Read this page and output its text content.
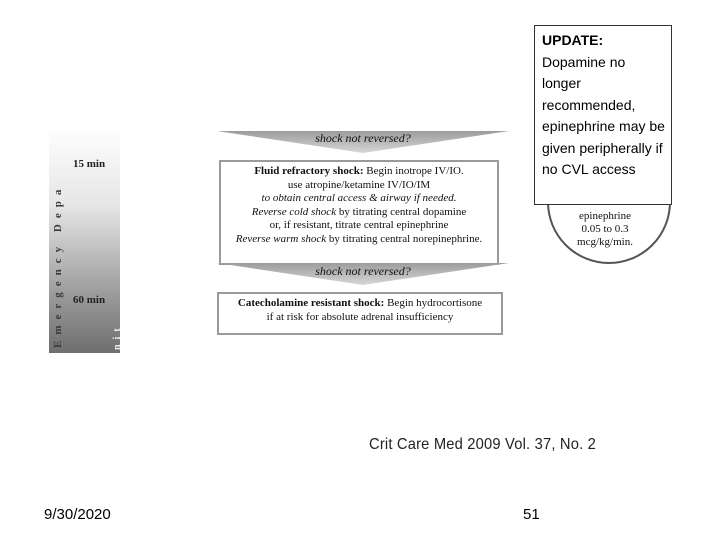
Emergency Depa	nit
15 min
60 min
shock not reversed?
Fluid refractory shock: Begin inotrope IV/IO.
use atropine/ketamine IV/IO/IM
to obtain central access & airway if needed.
Reverse cold shock by titrating central dopamine
or, if resistant, titrate central epinephrine
Reverse warm shock by titrating central norepinephrine.
shock not reversed?
Catecholamine resistant shock: Begin hydrocortisone
if at risk for absolute adrenal insufficiency
epinephrine
0.05 to 0.3
mcg/kg/min.
UPDATE:
Dopamine no longer recommended, epinephrine may be given peripherally if no CVL access
Crit Care Med 2009 Vol. 37, No. 2
9/30/2020	51
